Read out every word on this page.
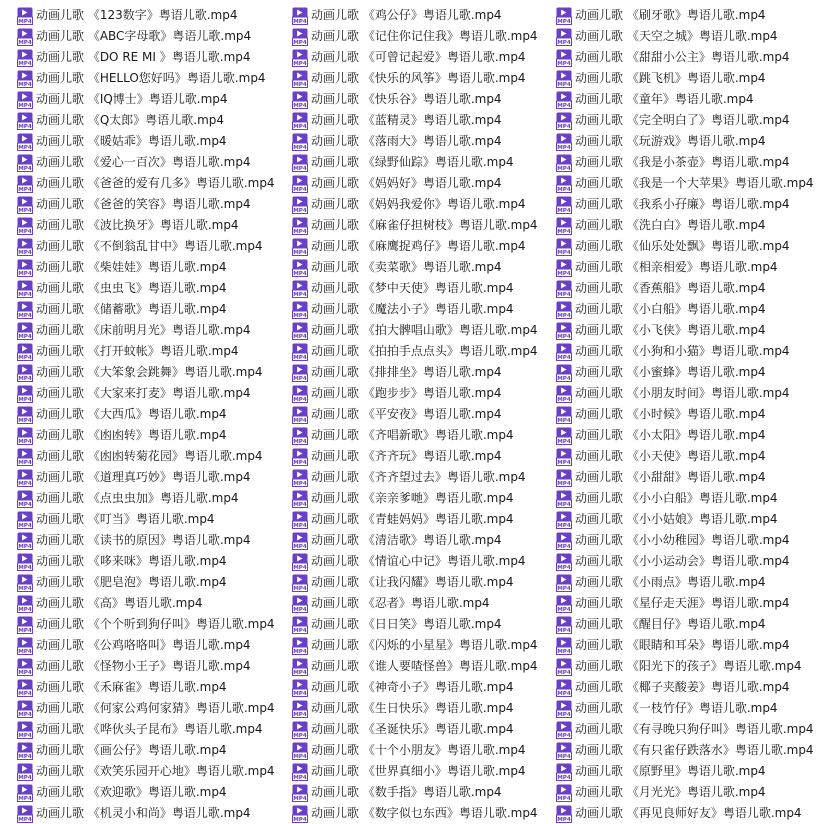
MP4 动画儿歌 《123数字》粤语儿歌.mp4
MP4 动画儿歌 《ABC字母歌》粤语儿歌.mp4
MP4 动画儿歌 《DO RE MI 》粤语儿歌.mp4
MP4 动画儿歌 《HELLO您好吗》粤语儿歌.mp4
MP4 动画儿歌 《IQ博士》粤语儿歌.mp4
MP4 动画儿歌 《Q太郎》粤语儿歌.mp4
MP4 动画儿歌 《暖姑乖》粤语儿歌.mp4
MP4 动画儿歌 《爱心一百次》粤语儿歌.mp4
MP4 动画儿歌 《爸爸的爱有几多》粤语儿歌.mp4
MP4 动画儿歌 《爸爸的笑容》粤语儿歌.mp4
MP4 动画儿歌 《波比换牙》粤语儿歌.mp4
MP4 动画儿歌 《不倒翁乱甘中》粤语儿歌.mp4
MP4 动画儿歌 《柴娃娃》粤语儿歌.mp4
MP4 动画儿歌 《虫虫飞》粤语儿歌.mp4
MP4 动画儿歌 《储蓄歌》粤语儿歌.mp4
MP4 动画儿歌 《床前明月光》粤语儿歌.mp4
MP4 动画儿歌 《打开蚊帐》粤语儿歌.mp4
MP4 动画儿歌 《大笨象会跳舞》粤语儿歌.mp4
MP4 动画儿歌 《大家来打麦》粤语儿歌.mp4
MP4 动画儿歌 《大西瓜》粤语儿歌.mp4
MP4 动画儿歌 《凼凼转》粤语儿歌.mp4
MP4 动画儿歌 《凼凼转菊花园》粤语儿歌.mp4
MP4 动画儿歌 《道理真巧妙》粤语儿歌.mp4
MP4 动画儿歌 《点虫虫加》粤语儿歌.mp4
MP4 动画儿歌 《叮当》粤语儿歌.mp4
MP4 动画儿歌 《读书的原因》粤语儿歌.mp4
MP4 动画儿歌 《哆来咪》粤语儿歌.mp4
MP4 动画儿歌 《肥皂泡》粤语儿歌.mp4
MP4 动画儿歌 《高》粤语儿歌.mp4
MP4 动画儿歌 《个个听到狗仔叫》粤语儿歌.mp4
MP4 动画儿歌 《公鸡咯咯叫》粤语儿歌.mp4
MP4 动画儿歌 《怪物小王子》粤语儿歌.mp4
MP4 动画儿歌 《禾麻雀》粤语儿歌.mp4
MP4 动画儿歌 《何家公鸡何家猜》粤语儿歌.mp4
MP4 动画儿歌 《哗伙头子昆布》粤语儿歌.mp4
MP4 动画儿歌 《画公仔》粤语儿歌.mp4
MP4 动画儿歌 《欢笑乐园开心地》粤语儿歌.mp4
MP4 动画儿歌 《欢迎歌》粤语儿歌.mp4
MP4 动画儿歌 《机灵小和尚》粤语儿歌.mp4
MP4 动画儿歌 《鸡公仔》粤语儿歌.mp4
MP4 动画儿歌 《记住你记住我》粤语儿歌.mp4
MP4 动画儿歌 《可曾记起爱》粤语儿歌.mp4
MP4 动画儿歌 《快乐的风筝》粤语儿歌.mp4
MP4 动画儿歌 《快乐谷》粤语儿歌.mp4
MP4 动画儿歌 《蓝精灵》粤语儿歌.mp4
MP4 动画儿歌 《落雨大》粤语儿歌.mp4
MP4 动画儿歌 《绿野仙踪》粤语儿歌.mp4
MP4 动画儿歌 《妈妈好》粤语儿歌.mp4
MP4 动画儿歌 《妈妈我爱你》粤语儿歌.mp4
MP4 动画儿歌 《麻雀仔担树枝》粤语儿歌.mp4
MP4 动画儿歌 《麻鹰捉鸡仔》粤语儿歌.mp4
MP4 动画儿歌 《卖菜歌》粤语儿歌.mp4
MP4 动画儿歌 《梦中天使》粤语儿歌.mp4
MP4 动画儿歌 《魔法小子》粤语儿歌.mp4
MP4 动画儿歌 《拍大髀唱山歌》粤语儿歌.mp4
MP4 动画儿歌 《拍拍手点点头》粤语儿歌.mp4
MP4 动画儿歌 《排排坐》粤语儿歌.mp4
MP4 动画儿歌 《跑步步》粤语儿歌.mp4
MP4 动画儿歌 《平安夜》粤语儿歌.mp4
MP4 动画儿歌 《齐唱新歌》粤语儿歌.mp4
MP4 动画儿歌 《齐齐玩》粤语儿歌.mp4
MP4 动画儿歌 《齐齐望过去》粤语儿歌.mp4
MP4 动画儿歌 《亲亲爹哋》粤语儿歌.mp4
MP4 动画儿歌 《青蛙妈妈》粤语儿歌.mp4
MP4 动画儿歌 《清洁歌》粤语儿歌.mp4
MP4 动画儿歌 《情谊心中记》粤语儿歌.mp4
MP4 动画儿歌 《让我闪耀》粤语儿歌.mp4
MP4 动画儿歌 《忍者》粤语儿歌.mp4
MP4 动画儿歌 《日日笑》粤语儿歌.mp4
MP4 动画儿歌 《闪烁的小星星》粤语儿歌.mp4
MP4 动画儿歌 《谁人要喳怪兽》粤语儿歌.mp4
MP4 动画儿歌 《神奇小子》粤语儿歌.mp4
MP4 动画儿歌 《生日快乐》粤语儿歌.mp4
MP4 动画儿歌 《圣诞快乐》粤语儿歌.mp4
MP4 动画儿歌 《十个小朋友》粤语儿歌.mp4
MP4 动画儿歌 《世界真细小》粤语儿歌.mp4
MP4 动画儿歌 《数手指》粤语儿歌.mp4
MP4 动画儿歌 《数字似乜东西》粤语儿歌.mp4
MP4 动画儿歌 《刷牙歌》粤语儿歌.mp4
MP4 动画儿歌 《天空之城》粤语儿歌.mp4
MP4 动画儿歌 《甜甜小公主》粤语儿歌.mp4
MP4 动画儿歌 《跳飞机》粤语儿歌.mp4
MP4 动画儿歌 《童年》粤语儿歌.mp4
MP4 动画儿歌 《完全明白了》粤语儿歌.mp4
MP4 动画儿歌 《玩游戏》粤语儿歌.mp4
MP4 动画儿歌 《我是小茶壶》粤语儿歌.mp4
MP4 动画儿歌 《我是一个大苹果》粤语儿歌.mp4
MP4 动画儿歌 《我系小孖廉》粤语儿歌.mp4
MP4 动画儿歌 《洗白白》粤语儿歌.mp4
MP4 动画儿歌 《仙乐处处飘》粤语儿歌.mp4
MP4 动画儿歌 《相亲相爱》粤语儿歌.mp4
MP4 动画儿歌 《香蕉船》粤语儿歌.mp4
MP4 动画儿歌 《小白船》粤语儿歌.mp4
MP4 动画儿歌 《小飞侠》粤语儿歌.mp4
MP4 动画儿歌 《小狗和小猫》粤语儿歌.mp4
MP4 动画儿歌 《小蜜蜂》粤语儿歌.mp4
MP4 动画儿歌 《小朋友时间》粤语儿歌.mp4
MP4 动画儿歌 《小时候》粤语儿歌.mp4
MP4 动画儿歌 《小太阳》粤语儿歌.mp4
MP4 动画儿歌 《小天使》粤语儿歌.mp4
MP4 动画儿歌 《小甜甜》粤语儿歌.mp4
MP4 动画儿歌 《小小白船》粤语儿歌.mp4
MP4 动画儿歌 《小小姑娘》粤语儿歌.mp4
MP4 动画儿歌 《小小幼稚园》粤语儿歌.mp4
MP4 动画儿歌 《小小运动会》粤语儿歌.mp4
MP4 动画儿歌 《小雨点》粤语儿歌.mp4
MP4 动画儿歌 《星仔走天涯》粤语儿歌.mp4
MP4 动画儿歌 《醒目仔》粤语儿歌.mp4
MP4 动画儿歌 《眼睛和耳朵》粤语儿歌.mp4
MP4 动画儿歌 《阳光下的孩子》粤语儿歌.mp4
MP4 动画儿歌 《椰子夹酸姜》粤语儿歌.mp4
MP4 动画儿歌 《一枝竹仔》粤语儿歌.mp4
MP4 动画儿歌 《有寻晚只狗仔叫》粤语儿歌.mp4
MP4 动画儿歌 《有只雀仔跌落水》粤语儿歌.mp4
MP4 动画儿歌 《原野里》粤语儿歌.mp4
MP4 动画儿歌 《月光光》粤语儿歌.mp4
MP4 动画儿歌 《再见良师好友》粤语儿歌.mp4
